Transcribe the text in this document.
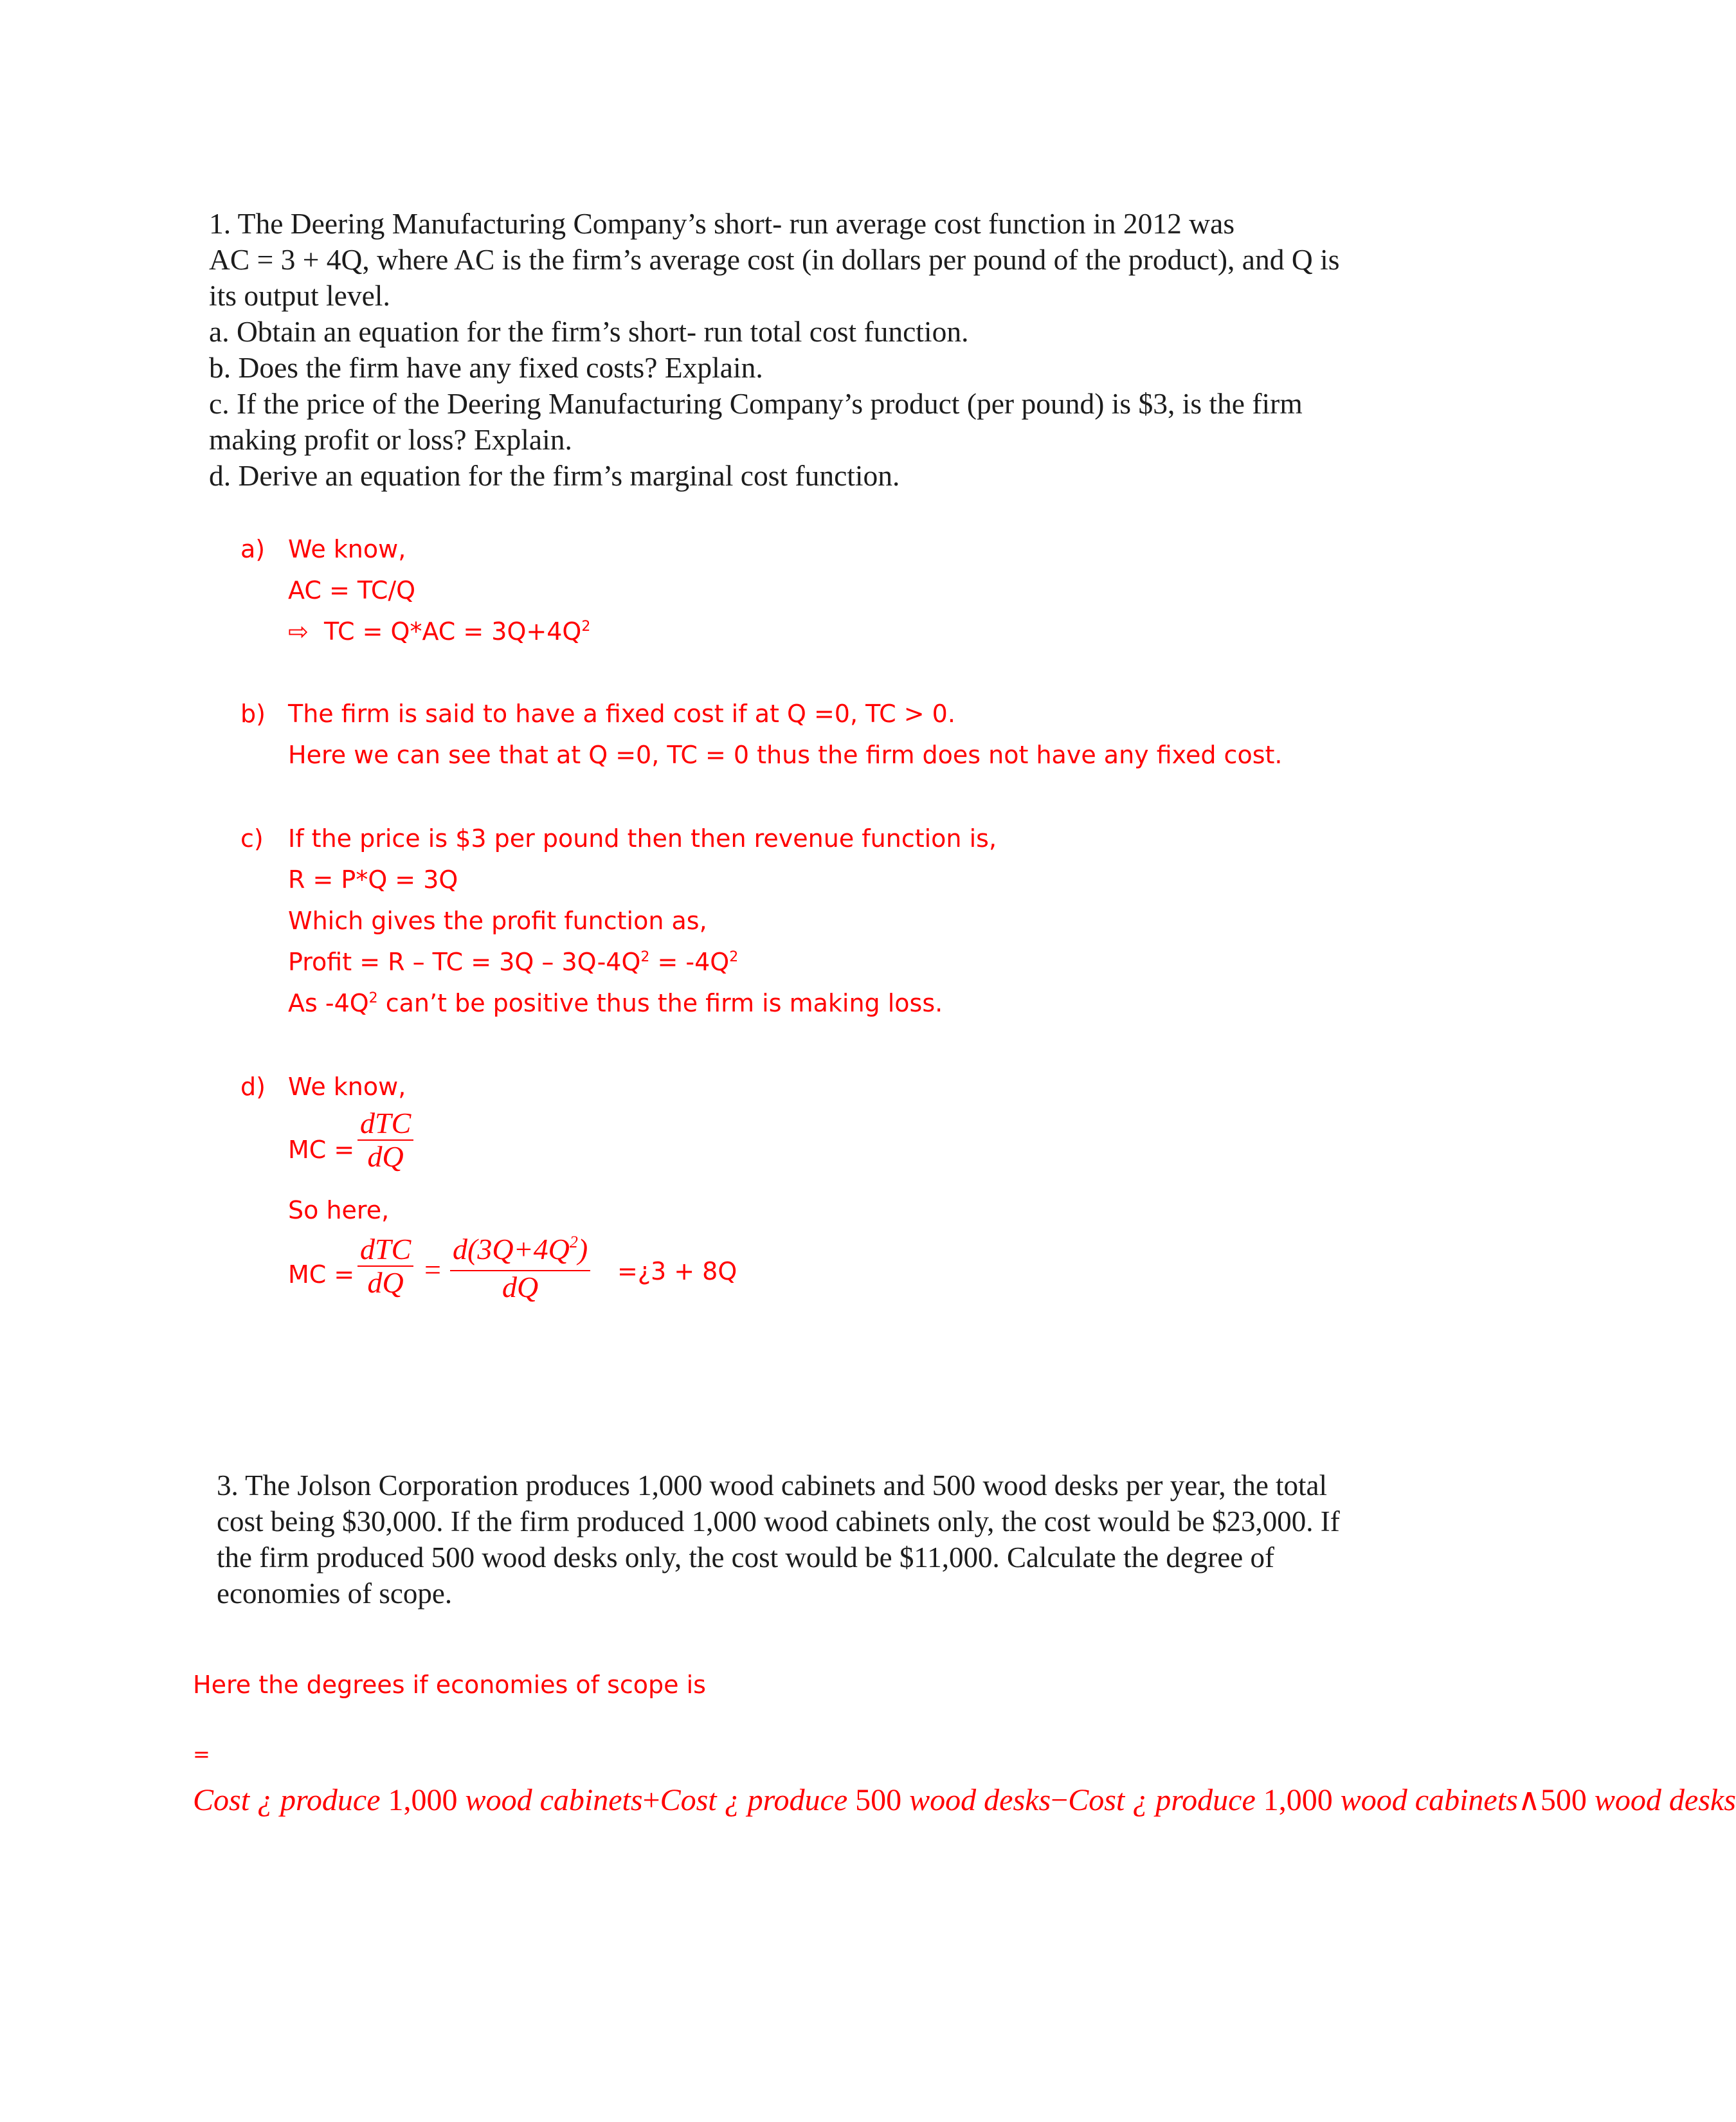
1. The Deering Manufacturing Company’s short- run average cost function in 2012 was
AC = 3 + 4Q, where AC is the firm’s average cost (in dollars per pound of the product), and Q is
its output level.
a. Obtain an equation for the firm’s short- run total cost function.
b. Does the firm have any fixed costs? Explain.
c. If the price of the Deering Manufacturing Company’s product (per pound) is $3, is the firm
making profit or loss? Explain.
d. Derive an equation for the firm’s marginal cost function.
a) We know,
AC = TC/Q
⇨ TC = $Q*AC = 3Q+4Q^2$
b) The firm is said to have a fixed cost if at Q =0, TC > 0.
Here we can see that at Q =0, TC = 0 thus the firm does not have any fixed cost.
c) If the price is $3 per pound then then revenue function is,
R = P*Q = 3Q
Which gives the profit function as,
Profit = R – TC = $3Q - 3Q-4Q^2 = -4Q^2$
As $-4Q^2$ can’t be positive thus the firm is making loss.
d) We know,
MC =
dTC
dQ
So here,
MC =
dTC
dQ = $\frac{d(3Q+4Q^2)}{dQ}$ =¿3 + 8Q
3. The Jolson Corporation produces 1,000 wood cabinets and 500 wood desks per year, the total
cost being $30,000. If the firm produced 1,000 wood cabinets only, the cost would be $23,000. If
the firm produced 500 wood desks only, the cost would be $11,000. Calculate the degree of
economies of scope.
Here the degrees if economies of scope is
=
Cost ¿ produce 1,000 wood cabinets+Cost ¿ produce 500 wood desks−Cost ¿ produce 1,000 wood cabinets∧500 wood desks
